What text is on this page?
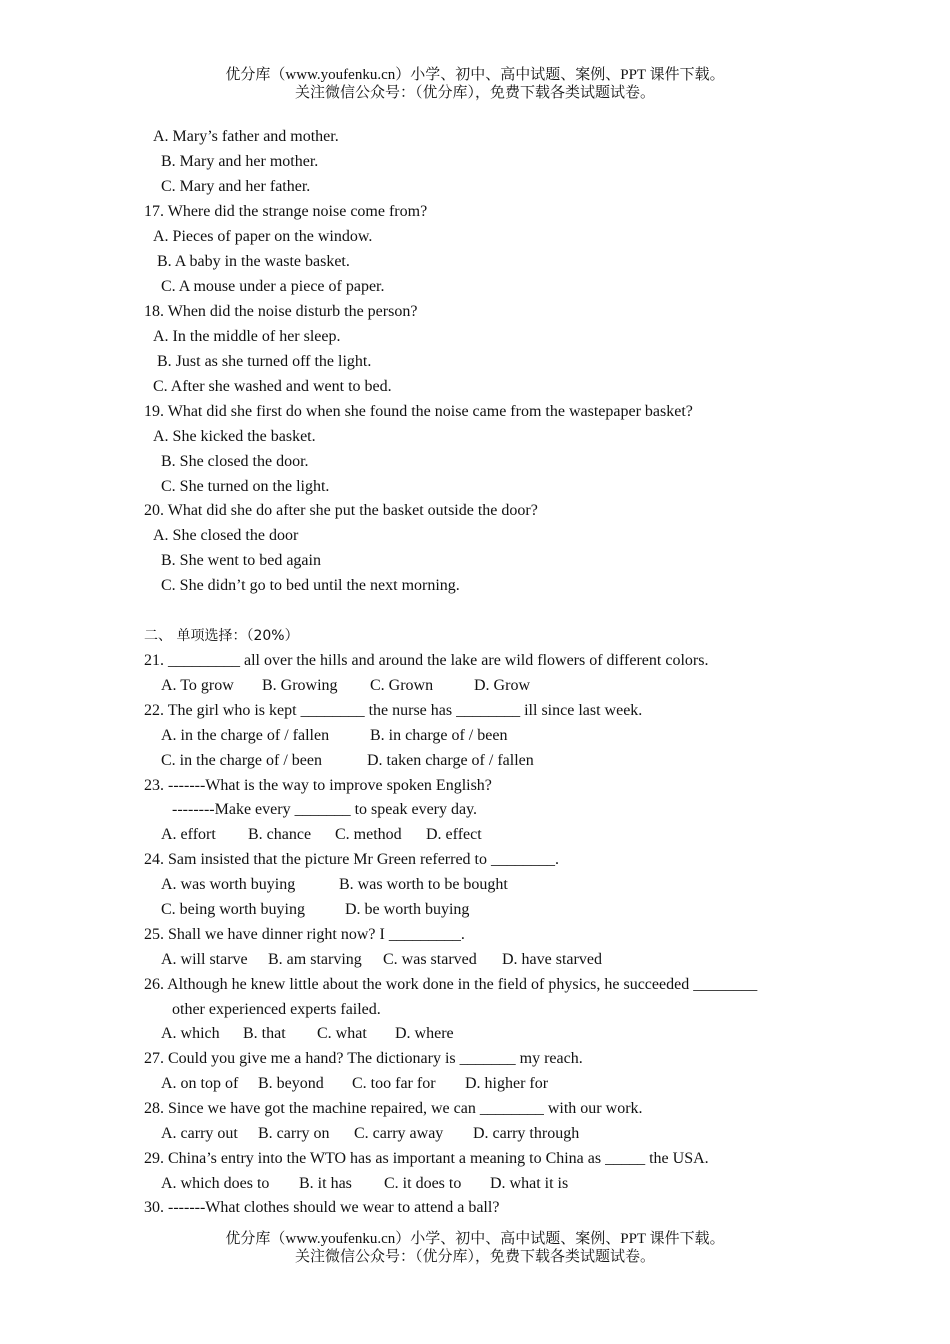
优分库（www.youfenku.cn）小学、初中、高中试题、案例、PPT 课件下载。
关注微信公众号：（优分库），免费下载各类试题试卷。
A. Mary’s father and mother.
B. Mary and her mother.
C. Mary and her father.
17. Where did the strange noise come from?
A. Pieces of paper on the window.
B. A baby in the waste basket.
C. A mouse under a piece of paper.
18. When did the noise disturb the person?
A. In the middle of her sleep.
B. Just as she turned off the light.
C. After she washed and went to bed.
19. What did she first do when she found the noise came from the wastepaper basket?
A. She kicked the basket.
B. She closed the door.
C. She turned on the light.
20. What did she do after she put the basket outside the door?
A. She closed the door
B. She went to bed again
C. She didn’t go to bed until the next morning.
二、 单项选择：（20%）
21. _________ all over the hills and around the lake are wild flowers of different colors.
A. To grow B. Growing C. Grown	D. Grow
22. The girl who is kept ________ the nurse has ________ ill since last week.
A. in the charge of / fallen	B. in charge of / been
C. in the charge of / been	D. taken charge of / fallen
23. -------What is the way to improve spoken English?
--------Make every _______ to speak every day.
A. effort B. chance C. method D. effect
24. Sam insisted that the picture Mr Green referred to ________.
A. was worth buying	B. was worth to be bought
C. being worth buying	D. be worth buying
25. Shall we have dinner right now? I _________.
A. will starve B. am starving C. was starved D. have starved
26. Although he knew little about the work done in the field of physics, he succeeded ________
other experienced experts failed.
A. which B. that C. what D. where
27. Could you give me a hand? The dictionary is _______ my reach.
A. on top of B. beyond C. too far for D. higher for
28. Since we have got the machine repaired, we can ________ with our work.
A. carry out B. carry on C. carry away D. carry through
29. China’s entry into the WTO has as important a meaning to China as _____ the USA.
A. which does to B. it has C. it does to D. what it is
30. -------What clothes should we wear to attend a ball?
优分库（www.youfenku.cn）小学、初中、高中试题、案例、PPT 课件下载。
关注微信公众号：（优分库），免费下载各类试题试卷。
